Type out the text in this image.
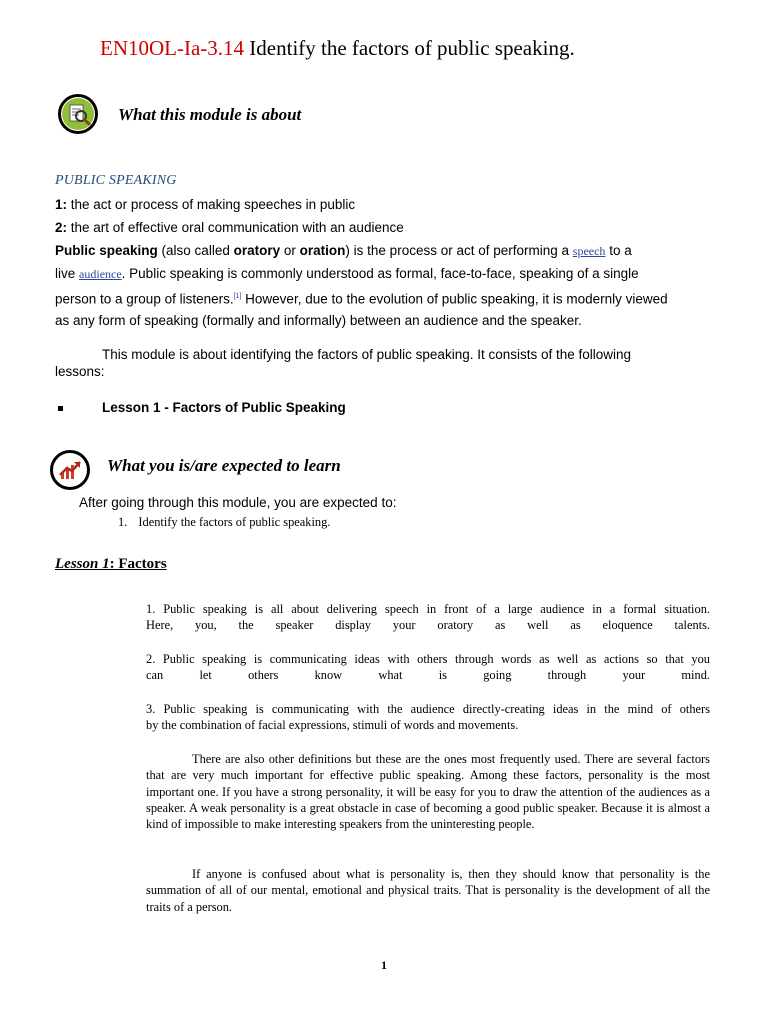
EN10OL-Ia-3.14 Identify the factors of public speaking.
What this module is about
PUBLIC SPEAKING
1: the act or process of making speeches in public
2: the art of effective oral communication with an audience
Public speaking (also called oratory or oration) is the process or act of performing a speech to a
live audience. Public speaking is commonly understood as formal, face-to-face, speaking of a single
person to a group of listeners.[1] However, due to the evolution of public speaking, it is modernly viewed
as any form of speaking (formally and informally) between an audience and the speaker.
This module is about identifying the factors of public speaking. It consists of the following
lessons:
Lesson 1 - Factors of Public Speaking
What you is/are expected to learn
After going through this module, you are expected to:
1. Identify the factors of public speaking.
Lesson 1: Factors
1. Public speaking is all about delivering speech in front of a large audience in a formal situation.
Here, you, the speaker display your oratory as well as eloquence talents.
2. Public speaking is communicating ideas with others through words as well as actions so that you
can let others know what is going through your mind.
3. Public speaking is communicating with the audience directly-creating ideas in the mind of others
by the combination of facial expressions, stimuli of words and movements.
There are also other definitions but these are the ones most frequently used. There are several factors that are very much important for effective public speaking. Among these factors, personality is the most important one. If you have a strong personality, it will be easy for you to draw the attention of the audiences as a speaker. A weak personality is a great obstacle in case of becoming a good public speaker. Because it is almost a kind of impossible to make interesting speakers from the uninteresting people.
If anyone is confused about what is personality is, then they should know that personality is the summation of all of our mental, emotional and physical traits. That is personality is the development of all the traits of a person.
1
